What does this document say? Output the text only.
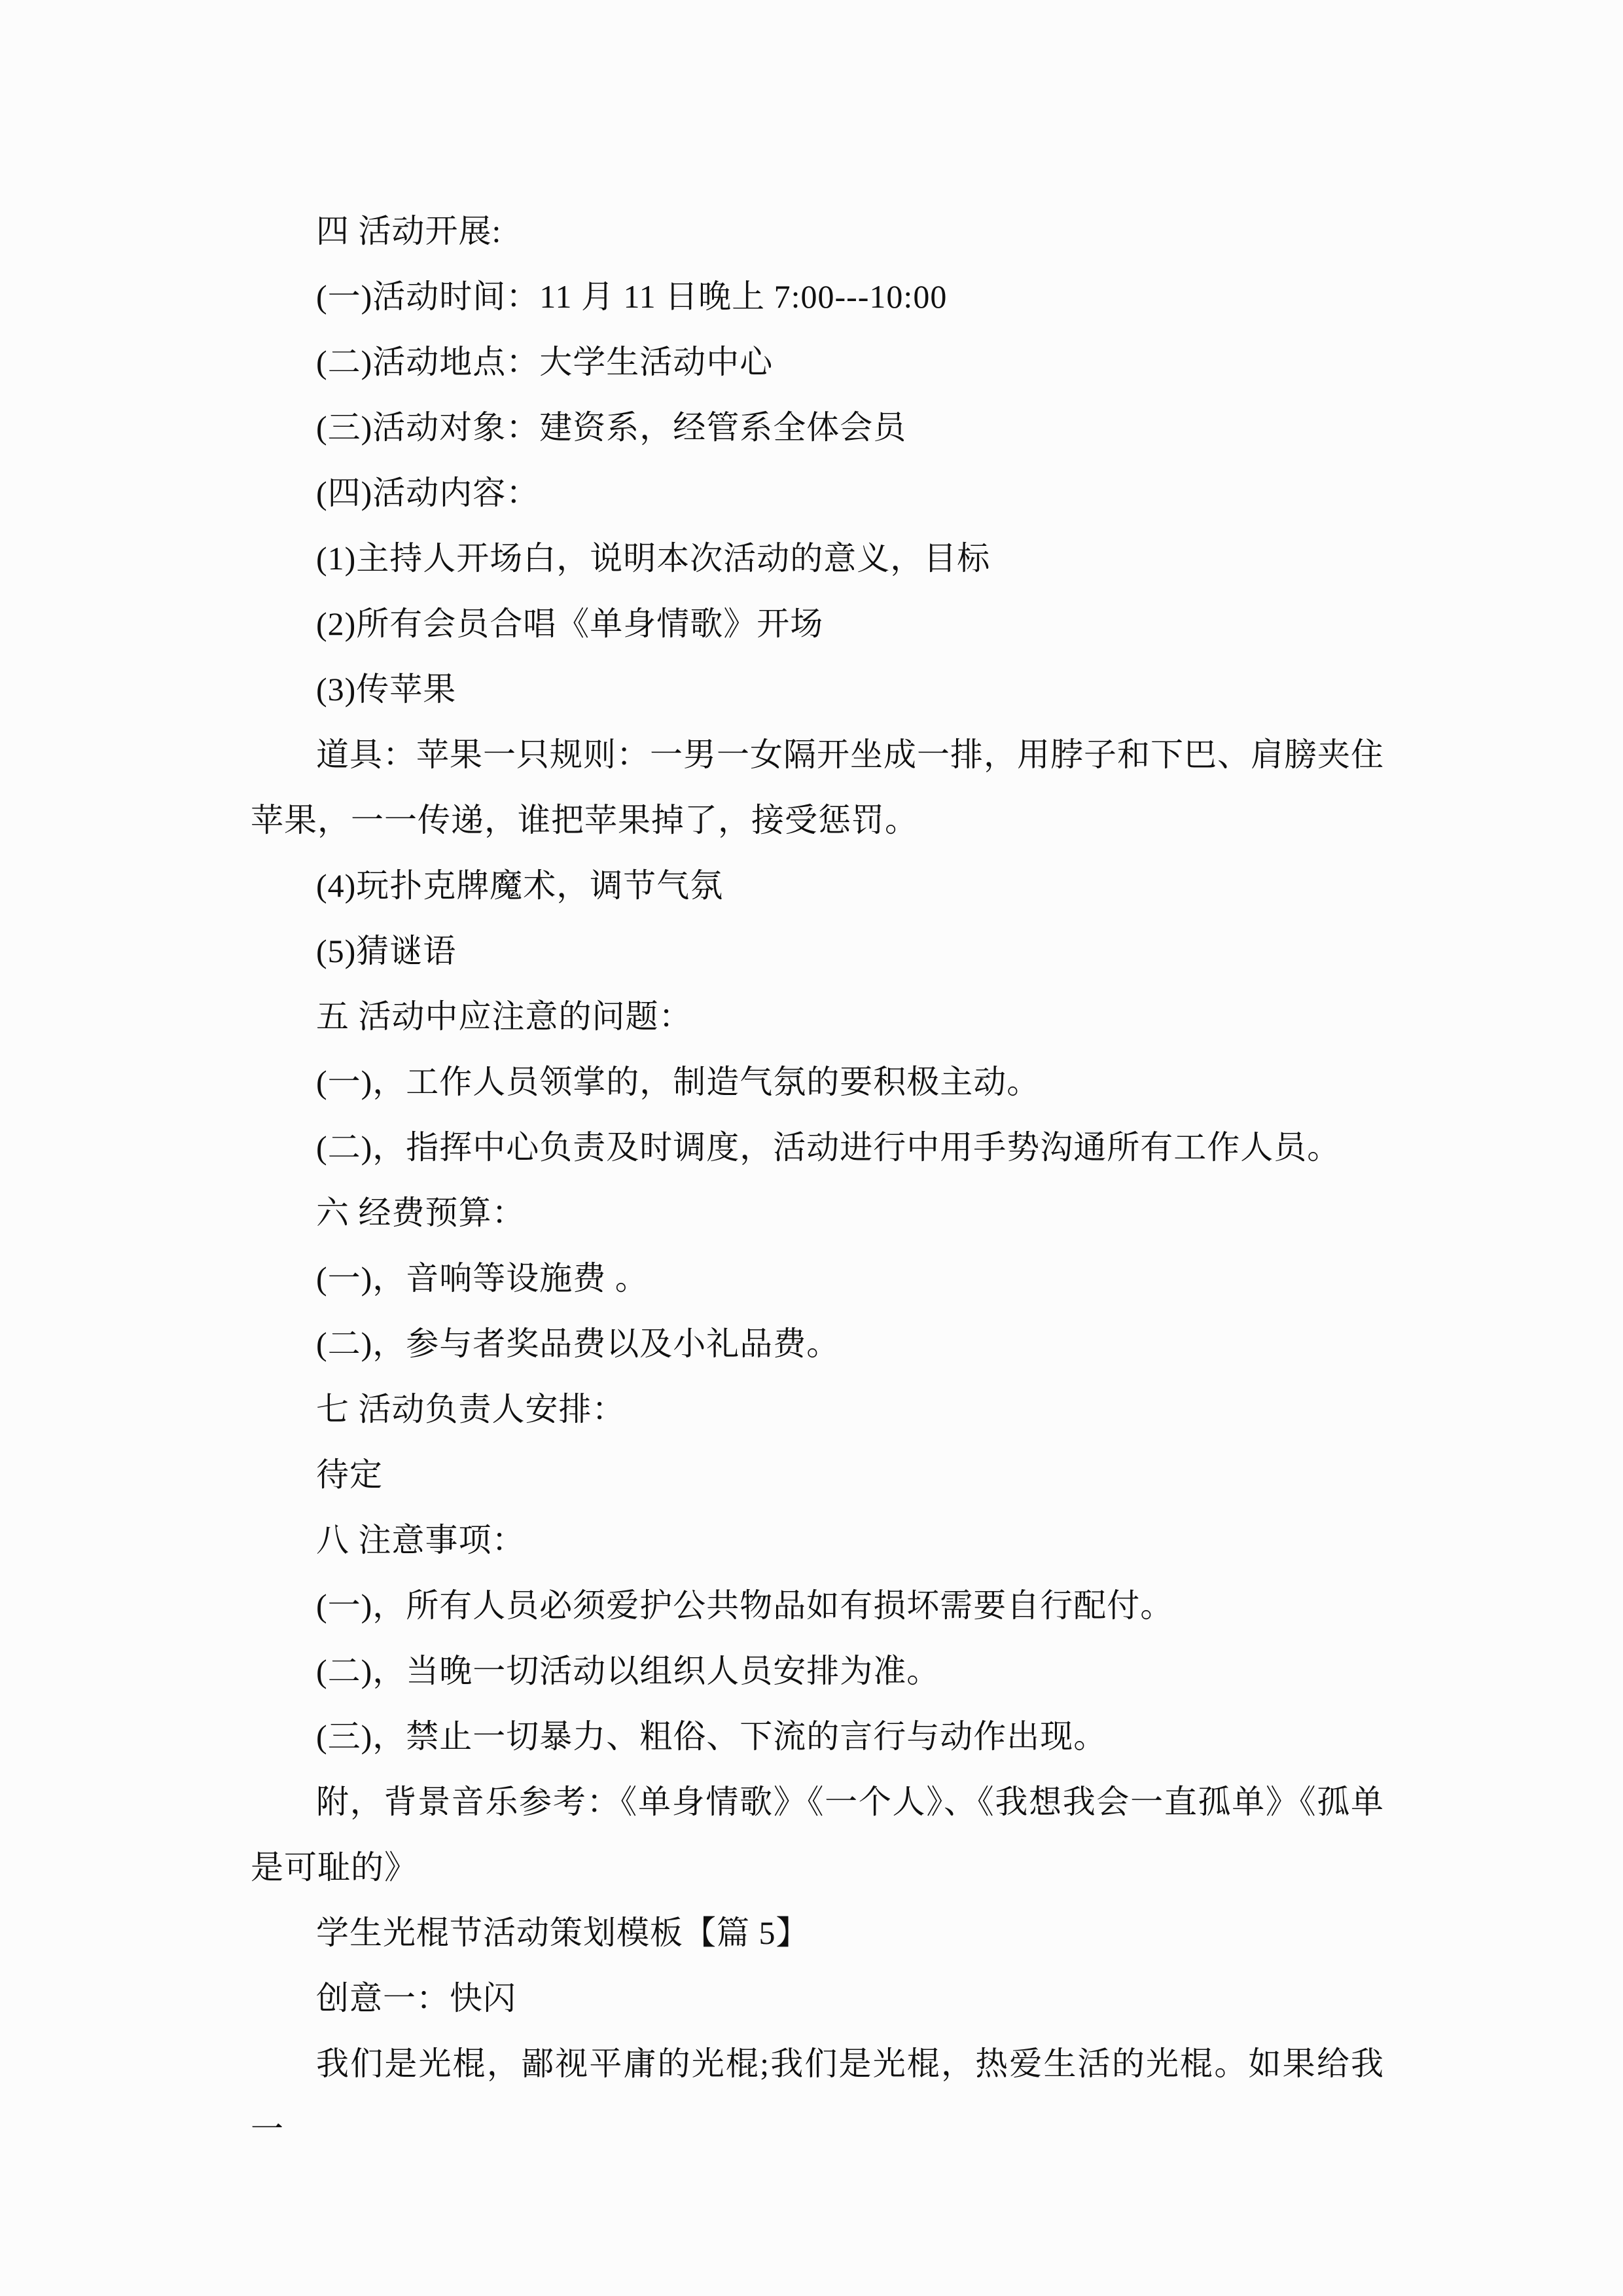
四 活动开展:

(一)活动时间：11 月 11 日晚上 7:00---10:00

(二)活动地点：大学生活动中心

(三)活动对象：建资系，经管系全体会员

(四)活动内容：

(1)主持人开场白，说明本次活动的意义，目标

(2)所有会员合唱《单身情歌》开场

(3)传苹果

道具：苹果一只规则：一男一女隔开坐成一排，用脖子和下巴、肩膀夹住苹果，一一传递，谁把苹果掉了，接受惩罚。

(4)玩扑克牌魔术，调节气氛

(5)猜谜语

五 活动中应注意的问题：

(一)，工作人员领掌的，制造气氛的要积极主动。

(二)，指挥中心负责及时调度，活动进行中用手势沟通所有工作人员。

六 经费预算：

(一)，音响等设施费 。

(二)，参与者奖品费以及小礼品费。

七 活动负责人安排：

待定

八 注意事项：

(一)，所有人员必须爱护公共物品如有损坏需要自行配付。

(二)，当晚一切活动以组织人员安排为准。

(三)，禁止一切暴力、粗俗、下流的言行与动作出现。

附，背景音乐参考：《单身情歌》《一个人》、《我想我会一直孤单》《孤单是可耻的》

学生光棍节活动策划模板【篇 5】

创意一：快闪

我们是光棍，鄙视平庸的光棍;我们是光棍，热爱生活的光棍。如果给我一
